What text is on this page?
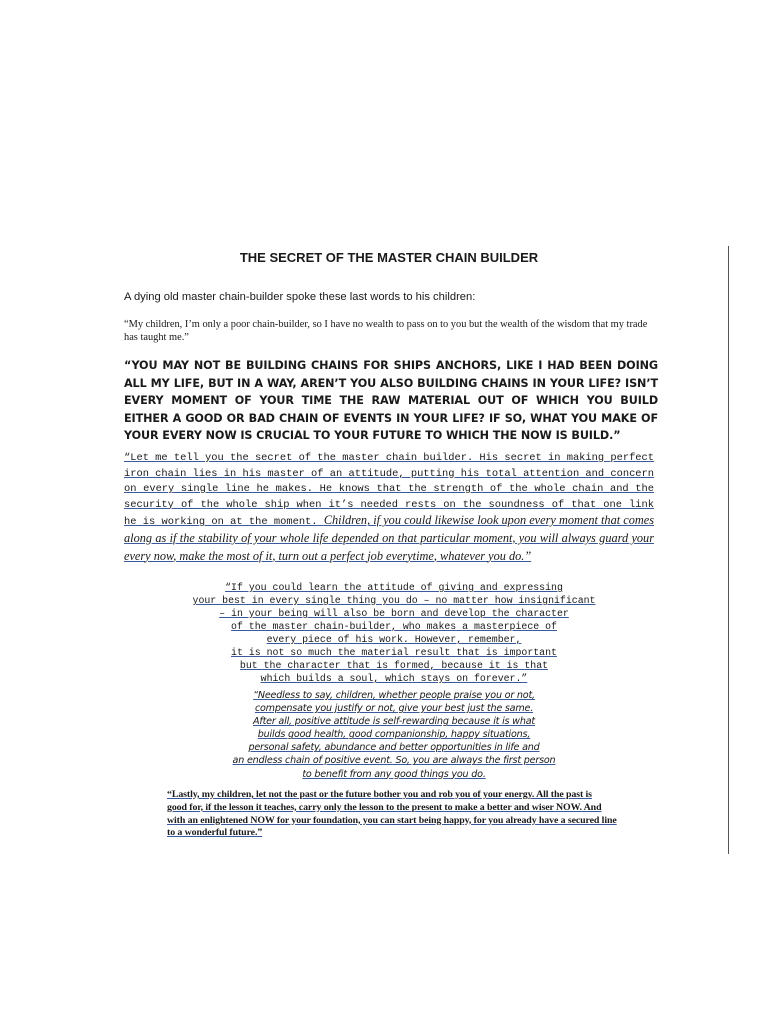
THE SECRET OF THE MASTER CHAIN BUILDER
A dying old master chain-builder spoke these last words to his children:
“My children, I’m only a poor chain-builder, so I have no wealth to pass on to you but the wealth of the wisdom that my trade has taught me.”
“YOU MAY NOT BE BUILDING CHAINS FOR SHIPS ANCHORS, LIKE I HAD BEEN DOING ALL MY LIFE, BUT IN A WAY, AREN’T YOU ALSO BUILDING CHAINS IN YOUR LIFE? ISN’T EVERY MOMENT OF YOUR TIME THE RAW MATERIAL OUT OF WHICH YOU BUILD EITHER A GOOD OR BAD CHAIN OF EVENTS IN YOUR LIFE? IF SO, WHAT YOU MAKE OF YOUR EVERY NOW IS CRUCIAL TO YOUR FUTURE TO WHICH THE NOW IS BUILD.”
“Let me tell you the secret of the master chain builder. His secret in making perfect iron chain lies in his master of an attitude, putting his total attention and concern on every single line he makes. He knows that the strength of the whole chain and the security of the whole ship when it’s needed rests on the soundness of that one link he is working on at the moment. Children, if you could likewise look upon every moment that comes along as if the stability of your whole life depended on that particular moment, you will always guard your every now, make the most of it, turn out a perfect job everytime, whatever you do.”
“If you could learn the attitude of giving and expressing
your best in every single thing you do – no matter how insignificant
– in your being will also be born and develop the character
of the master chain-builder, who makes a masterpiece of
every piece of his work. However, remember,
it is not so much the material result that is important
but the character that is formed, because it is that
which builds a soul, which stays on forever.”
“Needless to say, children, whether people praise you or not,
compensate you justify or not, give your best just the same.
After all, positive attitude is self-rewarding because it is what
builds good health, good companionship, happy situations,
personal safety, abundance and better opportunities in life and
an endless chain of positive event. So, you are always the first person
to benefit from any good things you do.
“Lastly, my children, let not the past or the future bother you and rob you of your energy. All the past is
good for, if the lesson it teaches, carry only the lesson to the present to make a better and wiser NOW. And
with an enlightened NOW for your foundation, you can start being happy, for you already have a secured line
to a wonderful future.”
